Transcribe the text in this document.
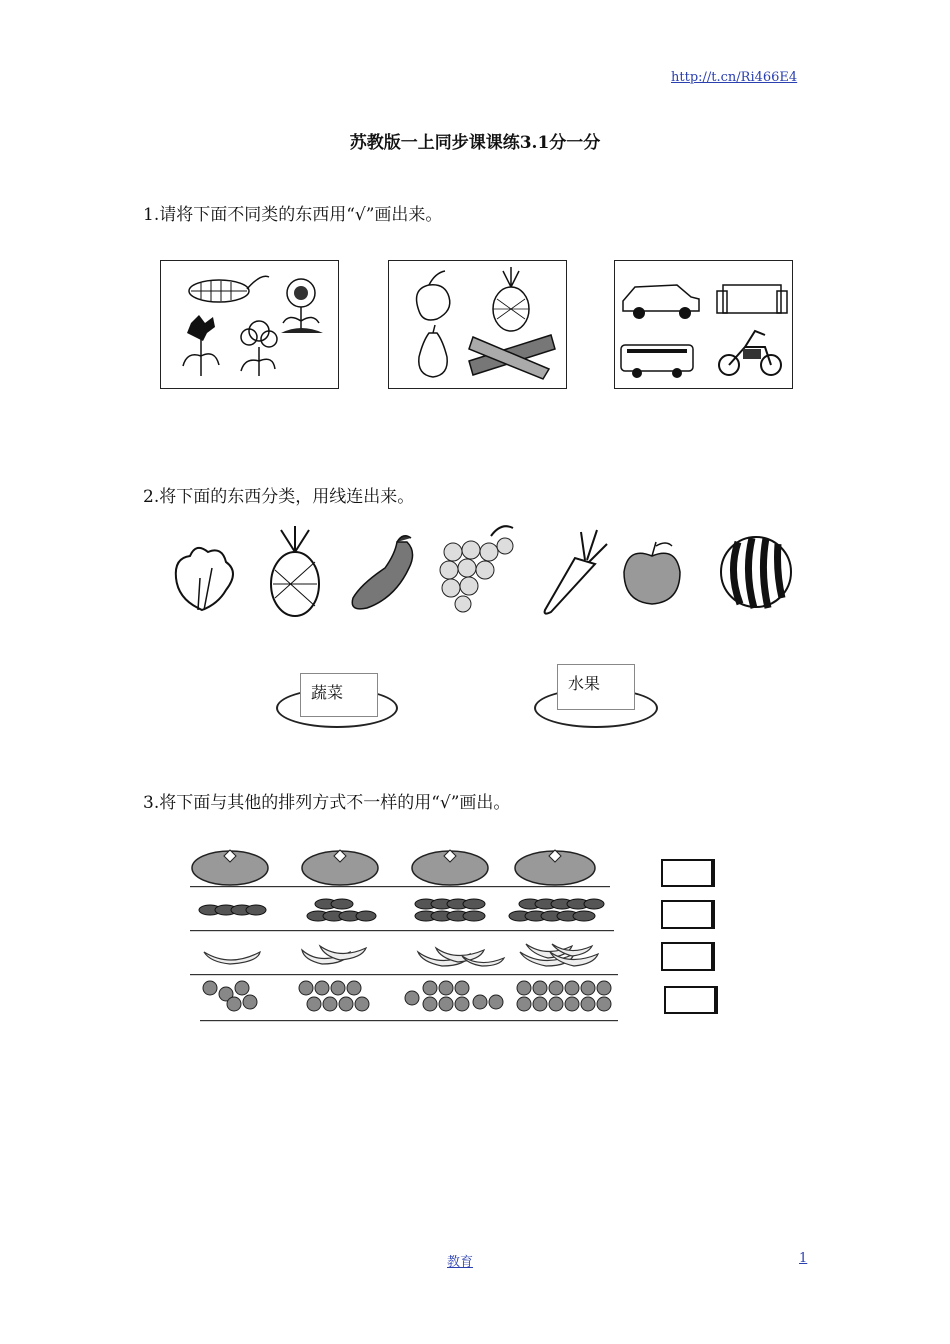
http://t.cn/Ri466E4
苏教版一上同步课课练3.1分一分
1.请将下面不同类的东西用“√”画出来。
2.将下面的东西分类，用线连出来。
蔬菜	水果
3.将下面与其他的排列方式不一样的用“√”画出。
教育	1
